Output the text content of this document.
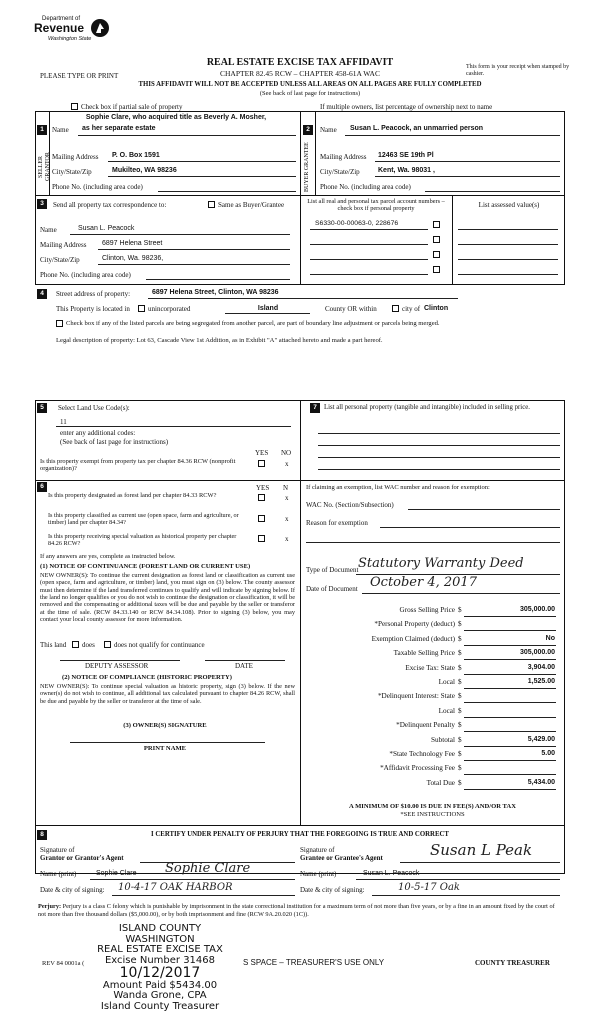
Department of
Revenue
Washington State
REAL ESTATE EXCISE TAX AFFIDAVIT
CHAPTER 82.45 RCW – CHAPTER 458-61A WAC
This form is your receipt when stamped by cashier.
PLEASE TYPE OR PRINT
THIS AFFIDAVIT WILL NOT BE ACCEPTED UNLESS ALL AREAS ON ALL PAGES ARE FULLY COMPLETED
(See back of last page for instructions)
Check box if partial sale of property	If multiple owners, list percentage of ownership next to name
1
SELLER GRANTOR
Sophie Clare, who acquired title as Beverly A. Mosher,
Name as her separate estate
Mailing Address P. O. Box 1591
City/State/Zip	Mukilteo, WA 98236
Phone No. (including area code)
2
BUYER GRANTEE
Name Susan L. Peacock, an unmarried person
Mailing Address 12463 SE 19th Pl
City/State/Zip	Kent, Wa. 98031 ,
Phone No. (including area code)
3	Send all property tax correspondence to:	Same as Buyer/Grantee
Name	Susan L. Peacock
Mailing Address 6897 Helena Street
City/State/Zip	Clinton, Wa. 98236,
Phone No. (including area code)
List all real and personal tax parcel account numbers – check box if personal property	List assessed value(s)
S6330-00-00063-0, 228676
4	Street address of property:	6897 Helena Street, Clinton, WA 98236
This Property is located in	unincorporated	Island	County OR within	city of Clinton
Check box if any of the listed parcels are being segregated from another parcel, are part of boundary line adjustment or parcels being merged.
Legal description of property: Lot 63, Cascade View 1st Addition, as in Exhibit "A" attached hereto and made a part hereof.
5	Select Land Use Code(s):
11
enter any additional codes:
(See back of last page for instructions)
YES NO
Is this property exempt from property tax per chapter 84.36 RCW (nonprofit organization)?
x
6	YES N
Is this property designated as forest land per chapter 84.33 RCW?	x
Is this property classified as current use (open space, farm and agriculture, or timber) land per chapter 84.34?	x
Is this property receiving special valuation as historical property per chapter 84.26 RCW?
x
If any answers are yes, complete as instructed below.
(1) NOTICE OF CONTINUANCE (FOREST LAND OR CURRENT USE)
NEW OWNER(S): To continue the current designation as forest land or classification as current use (open space, farm and agriculture, or timber) land, you must sign on (3) below. The county assessor must then determine if the land transferred continues to qualify and will indicate by signing below. If the land no longer qualifies or you do not wish to continue the designation or classification, it will be removed and the compensating or additional taxes will be due and payable by the seller or transferor at the time of sale. (RCW 84.33.140 or RCW 84.34.108). Prior to signing (3) below, you may contact your local county assessor for more information.
This land does	does not qualify for continuance
DEPUTY ASSESSOR	DATE
(2) NOTICE OF COMPLIANCE (HISTORIC PROPERTY)
NEW OWNER(S): To continue special valuation as historic property, sign (3) below. If the new owner(s) do not wish to continue, all additional tax calculated pursuant to chapter 84.26 RCW, shall be due and payable by the seller or transferor at the time of sale.
(3) OWNER(S) SIGNATURE
PRINT NAME
7	List all personal property (tangible and intangible) included in selling price.
If claiming an exemption, list WAC number and reason for exemption:
WAC No. (Section/Subsection)
Reason for exemption
Type of Document Statutory Warranty Deed
Date of Document October 4, 2017
Gross Selling Price $	305,000.00
*Personal Property (deduct) $
Exemption Claimed (deduct) $	No
Taxable Selling Price $	305,000.00
Excise Tax: State $	3,904.00
Local $	1,525.00
*Delinquent Interest: State $
Local $
*Delinquent Penalty $
Subtotal $	5,429.00
*State Technology Fee $	5.00
*Affidavit Processing Fee $
Total Due $	5,434.00
A MINIMUM OF $10.00 IS DUE IN FEE(S) AND/OR TAX
*SEE INSTRUCTIONS
8	I CERTIFY UNDER PENALTY OF PERJURY THAT THE FOREGOING IS TRUE AND CORRECT
Signature of
Grantor or Grantor's Agent
Signature of
Grantee or Grantee's Agent	Susan L Peak
Name (print)	Sophie Clare Sophie Clare	Name (print)	Susan L. Peacock
Date & city of signing: 10-4-17 OAK HARBOR	Date & city of signing:	10-5-17 Oak
Perjury: Perjury is a class C felony which is punishable by imprisonment in the state correctional institution for a maximum term of not more than five years, or by a fine in an amount fixed by the court of not more than five thousand dollars ($5,000.00), or by both imprisonment and fine (RCW 9A.20.020 (1C)).
ISLAND COUNTY WASHINGTON
REAL ESTATE EXCISE TAX
Excise Number 31468
10/12/2017
Amount Paid $5434.00
Wanda Grone, CPA
Island County Treasurer
REV 84 0001a (	S SPACE – TREASURER'S USE ONLY	COUNTY TREASURER
